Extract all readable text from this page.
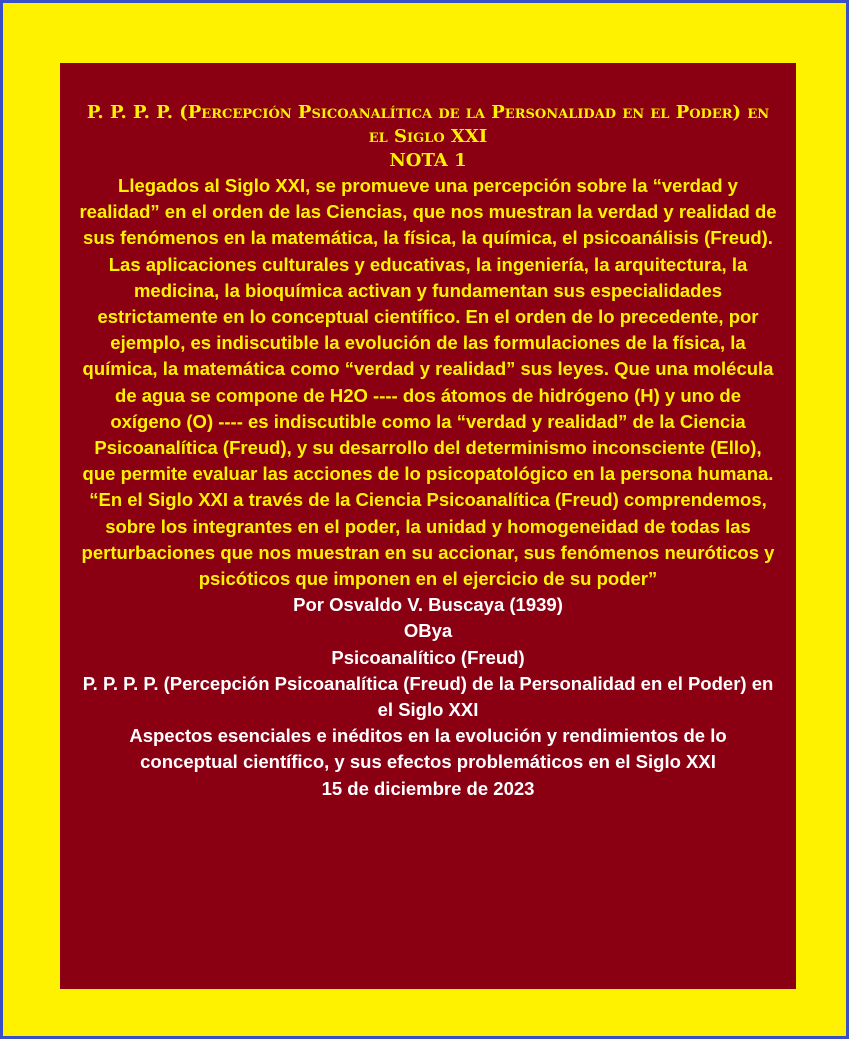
P. P. P. P. (Percepción Psicoanalítica de la Personalidad en el Poder) en el Siglo XXI

NOTA 1

Llegados al Siglo XXI, se promueve una percepción sobre la “verdad y realidad” en el orden de las Ciencias, que nos muestran la verdad y realidad de sus fenómenos en la matemática, la física, la química, el psicoanálisis (Freud). Las aplicaciones culturales y educativas, la ingeniería, la arquitectura, la medicina, la bioquímica activan y fundamentan sus especialidades estrictamente en lo conceptual científico. En el orden de lo precedente, por ejemplo, es indiscutible la evolución de las formulaciones de la física, la química, la matemática como “verdad y realidad” sus leyes. Que una molécula de agua se compone de H2O ---- dos átomos de hidrógeno (H) y uno de oxígeno (O) ---- es indiscutible como la “verdad y realidad” de la Ciencia Psicoanalítica (Freud), y su desarrollo del determinismo inconsciente (Ello), que permite evaluar las acciones de lo psicopatológico en la persona humana.

“En el Siglo XXI a través de la Ciencia Psicoanalítica (Freud) comprendemos, sobre los integrantes en el poder, la unidad y homogeneidad de todas las perturbaciones que nos muestran en su accionar, sus fenómenos neuróticos y psicóticos que imponen en el ejercicio de su poder”

Por Osvaldo V. Buscaya (1939)

OBya

Psicoanalítico (Freud)

P. P. P. P. (Percepción Psicoanalítica (Freud) de la Personalidad en el Poder) en el Siglo XXI

Aspectos esenciales e inéditos en la evolución y rendimientos de lo conceptual científico, y sus efectos problemáticos en el Siglo XXI

15 de diciembre de 2023
